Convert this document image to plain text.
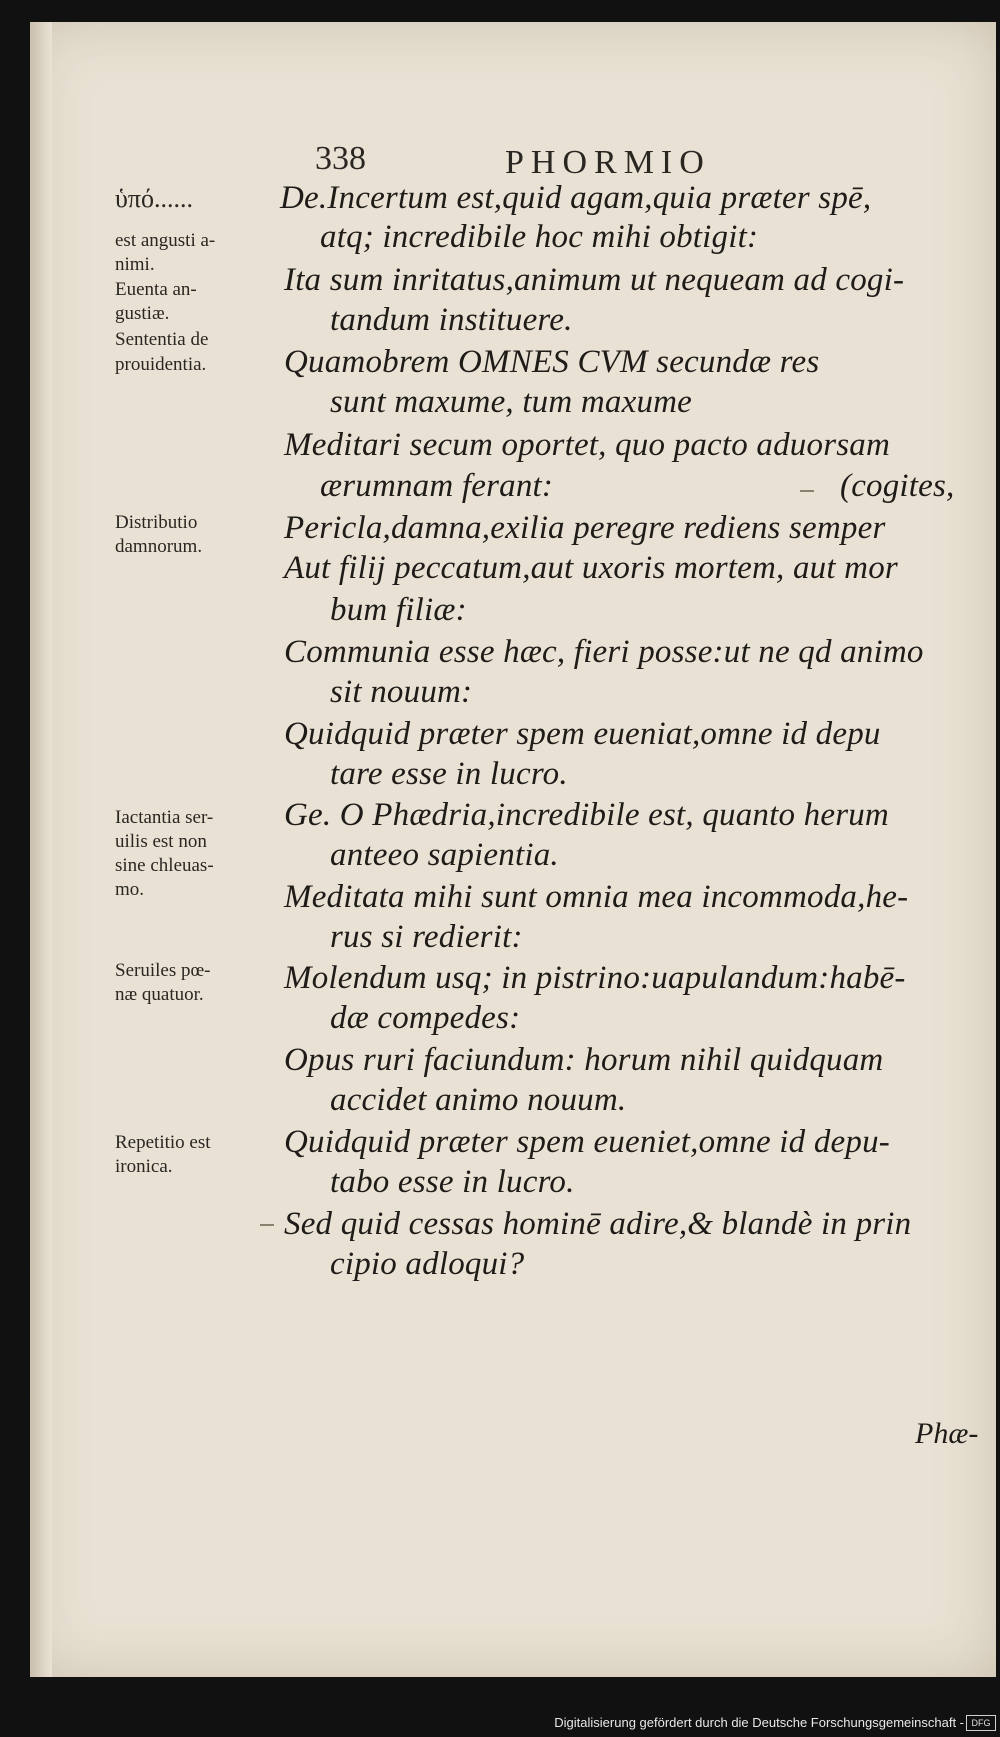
338	PHORMIO
De.Incertum est,quid agam,quia præter spē,
atq; incredibile hoc mihi obtigit:
Ita sum inritatus,animum ut nequeam ad cogi-
tandum instituere.
Quamobrem OMNES CVM secundæ res
sunt maxume, tum maxume
Meditari secum oportet, quo pacto aduorsam
ærumnam ferant:	(cogites,
Pericla,damna,exilia peregre rediens semper
Aut filij peccatum,aut uxoris mortem, aut mor
bum filiæ:
Communia esse hæc, fieri posse:ut ne qd animo
sit nouum:
Quidquid præter spem eueniat,omne id depu
tare esse in lucro.
Ge. O Phædria,incredibile est, quanto herum
anteeo sapientia.
Meditata mihi sunt omnia mea incommoda,he-
rus si redierit:
Molendum usq; in pistrino:uapulandum:habē-
dæ compedes:
Opus ruri faciundum: horum nihil quidquam
accidet animo nouum.
Quidquid præter spem eueniet,omne id depu-
tabo esse in lucro.
Sed quid cessas hominē adire,& blandè in prin
cipio adloqui?
ὑπό......
est angusti a-
nimi.
Euenta an-
gustiæ.
Sententia de
prouidentia.
Distributio
damnorum.
Iactantia ser-
uilis est non
sine chleuas-
mo.
Seruiles pœ-
næ quatuor.
Repetitio est
ironica.
Phæ-
Digitalisierung gefördert durch die Deutsche Forschungsgemeinschaft - DFG
